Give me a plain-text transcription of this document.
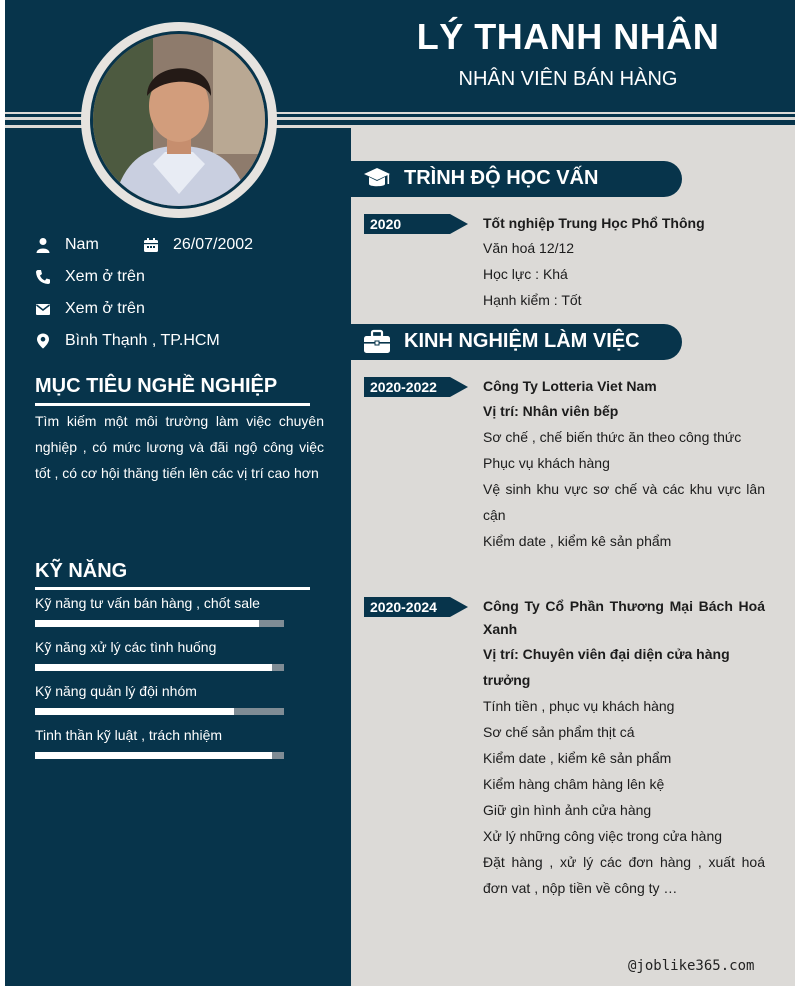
LÝ THANH NHÂN

NHÂN VIÊN BÁN HÀNG

Nam	26/07/2002
Xem ở trên
Xem ở trên
Bình Thạnh , TP.HCM
MỤC TIÊU NGHỀ NGHIỆP

Tìm kiếm một môi trường làm việc chuyên nghiệp , có mức lương và đãi ngộ công việc tốt , có cơ hội thăng tiến lên các vị trí cao hơn

KỸ NĂNG
Kỹ năng tư vấn bán hàng , chốt sale
Kỹ năng xử lý các tình huống
Kỹ năng quản lý đội nhóm
Tinh thần kỹ luật , trách nhiệm
TRÌNH ĐỘ HỌC VẤN
2020	Tốt nghiệp Trung Học Phổ Thông
Văn hoá 12/12
Học lực : Khá
Hạnh kiểm : Tốt
KINH NGHIỆM LÀM VIỆC
2020-2022	Công Ty Lotteria Viet Nam
Vị trí: Nhân viên bếp
Sơ chế , chế biến thức ăn theo công thức
Phục vụ khách hàng
Vệ sinh khu vực sơ chế và các khu vực lân cận
Kiểm date , kiểm kê sản phẩm
2020-2024	Công Ty Cổ Phần Thương Mại Bách Hoá Xanh
Vị trí: Chuyên viên đại diện cửa hàng trưởng
Tính tiền , phục vụ khách hàng
Sơ chế sản phẩm thịt cá
Kiểm date , kiểm kê sản phẩm
Kiểm hàng châm hàng lên kệ
Giữ gìn hình ảnh cửa hàng
Xử lý những công việc trong cửa hàng
Đặt hàng , xử lý các đơn hàng , xuất hoá đơn vat , nộp tiền về công ty …

@joblike365.com
